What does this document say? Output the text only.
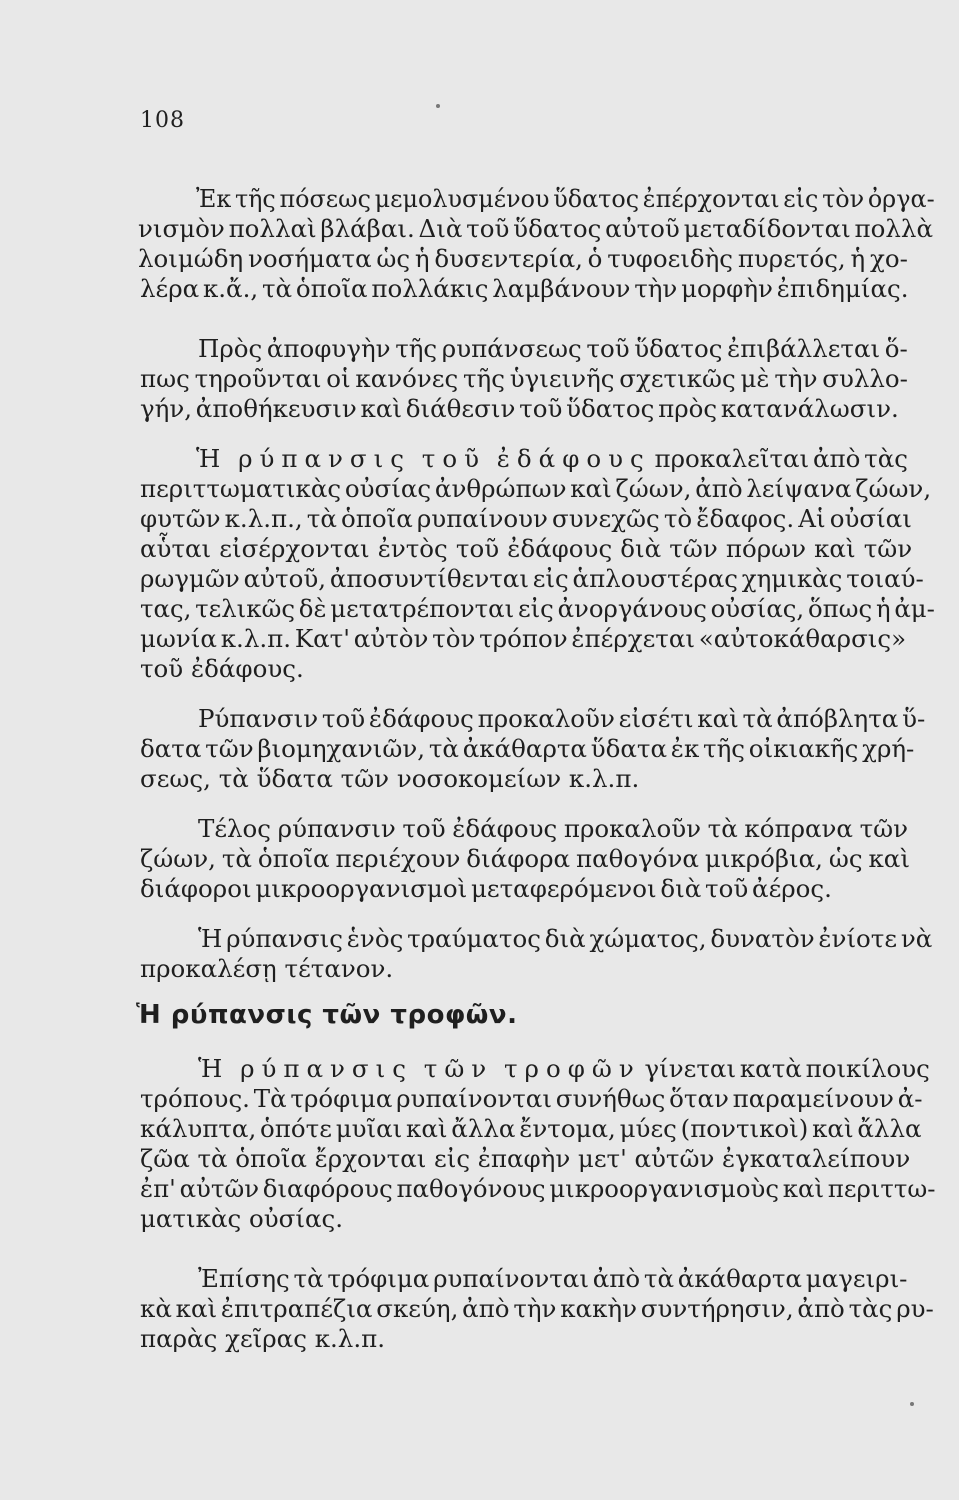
108
Ἐκ τῆς πόσεως μεμολυσμένου ὕδατος ἐπέρχονται εἰς τὸν ὀργα-
νισμὸν πολλαὶ βλάβαι. Διὰ τοῦ ὕδατος αὐτοῦ μεταδίδονται πολλὰ
λοιμώδη νοσήματα ὡς ἡ δυσεντερία, ὁ τυφοειδὴς πυρετός, ἡ χο-
λέρα κ.ἄ., τὰ ὁποῖα πολλάκις λαμβάνουν τὴν μορφὴν ἐπιδημίας.
Πρὸς ἀποφυγὴν τῆς ρυπάνσεως τοῦ ὕδατος ἐπιβάλλεται ὅ-
πως τηροῦνται οἱ κανόνες τῆς ὑγιεινῆς σχετικῶς μὲ τὴν συλλο-
γήν, ἀποθήκευσιν καὶ διάθεσιν τοῦ ὕδατος πρὸς κατανάλωσιν.
Ἡ ρύπανσις τοῦ ἐδάφους προκαλεῖται ἀπὸ τὰς
περιττωματικὰς οὐσίας ἀνθρώπων καὶ ζώων, ἀπὸ λείψανα ζώων,
φυτῶν κ.λ.π., τὰ ὁποῖα ρυπαίνουν συνεχῶς τὸ ἔδαφος. Αἱ οὐσίαι
αὗται εἰσέρχονται ἐντὸς τοῦ ἐδάφους διὰ τῶν πόρων καὶ τῶν
ρωγμῶν αὐτοῦ, ἀποσυντίθενται εἰς ἁπλουστέρας χημικὰς τοιαύ-
τας, τελικῶς δὲ μετατρέπονται εἰς ἀνοργάνους οὐσίας, ὅπως ἡ ἀμ-
μωνία κ.λ.π. Κατ' αὐτὸν τὸν τρόπον ἐπέρχεται «αὐτοκάθαρσις»
τοῦ ἐδάφους.
Ρύπανσιν τοῦ ἐδάφους προκαλοῦν εἰσέτι καὶ τὰ ἀπόβλητα ὕ-
δατα τῶν βιομηχανιῶν, τὰ ἀκάθαρτα ὕδατα ἐκ τῆς οἰκιακῆς χρή-
σεως, τὰ ὕδατα τῶν νοσοκομείων κ.λ.π.
Τέλος ρύπανσιν τοῦ ἐδάφους προκαλοῦν τὰ κόπρανα τῶν
ζώων, τὰ ὁποῖα περιέχουν διάφορα παθογόνα μικρόβια, ὡς καὶ
διάφοροι μικροοργανισμοὶ μεταφερόμενοι διὰ τοῦ ἀέρος.
Ἡ ρύπανσις ἑνὸς τραύματος διὰ χώματος, δυνατὸν ἐνίοτε νὰ
προκαλέσῃ τέτανον.
Ἡ ρύπανσις τῶν τροφῶν γίνεται κατὰ ποικίλους
τρόπους. Τὰ τρόφιμα ρυπαίνονται συνήθως ὅταν παραμείνουν ἀ-
κάλυπτα, ὁπότε μυῖαι καὶ ἄλλα ἔντομα, μύες (ποντικοὶ) καὶ ἄλλα
ζῶα τὰ ὁποῖα ἔρχονται εἰς ἐπαφὴν μετ' αὐτῶν ἐγκαταλείπουν
ἐπ' αὐτῶν διαφόρους παθογόνους μικροοργανισμοὺς καὶ περιττω-
ματικὰς οὐσίας.
Ἐπίσης τὰ τρόφιμα ρυπαίνονται ἀπὸ τὰ ἀκάθαρτα μαγειρι-
κὰ καὶ ἐπιτραπέζια σκεύη, ἀπὸ τὴν κακὴν συντήρησιν, ἀπὸ τὰς ρυ-
παρὰς χεῖρας κ.λ.π.
Ἡ ρύπανσις τῶν τροφῶν.
